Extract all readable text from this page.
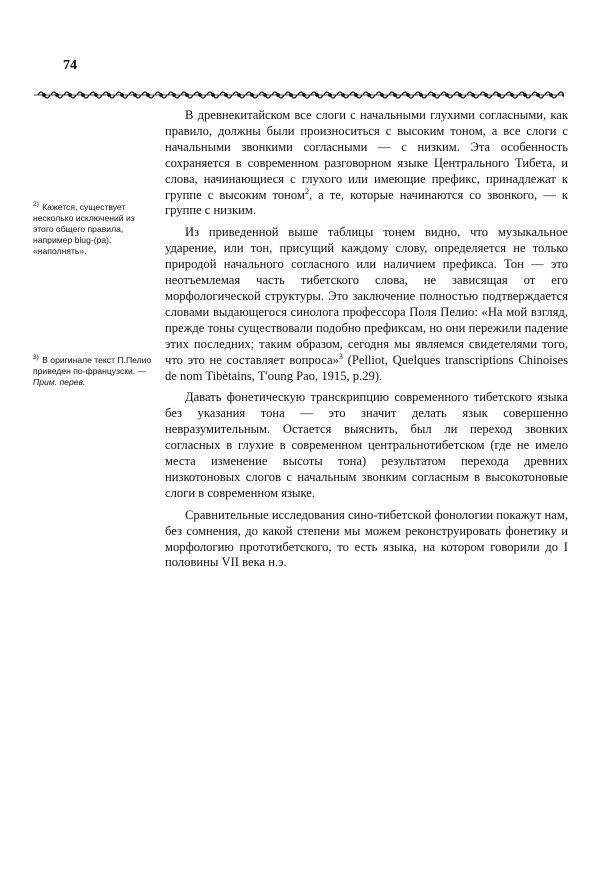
74

В древнекитайском все слоги с начальными глухими согласными, как правило, должны были произноситься с высоким тоном, а все слоги с начальными звонкими согласными — с низким. Эта особенность сохраняется в современном разговорном языке Центрального Тибета, и слова, начинающиеся с глухого или имеющие префикс, принадлежат к группе с высоким тоном$^2$, а те, которые начинаются со звонкого, — к группе с низким.

Из приведенной выше таблицы тонем видно, что музыкальное ударение, или тон, присущий каждому слову, определяется не только природой начального согласного или наличием префикса. Тон — это неотъемлемая часть тибетского слова, не зависящая от его морфологической структуры. Это заключение полностью подтверждается словами выдающегося синолога профессора Поля Пелио: «На мой взгляд, прежде тоны существовали подобно префиксам, но они пережили падение этих последних; таким образом, сегодня мы являемся свидетелями того, что это не составляет вопроса»$^3$ (Pelliot, Quelques transcriptions Chinoises de nom Tibètains, T'oung Pao, 1915, p.29).

Давать фонетическую транскрипцию современного тибетского языка без указания тона — это значит делать язык совершенно невразумительным. Остается выяснить, был ли переход звонких согласных в глухие в современном центральнотибетском (где не имело места изменение высоты тона) результатом перехода древних низкотоновых слогов с начальным звонким согласным в высокотоновые слоги в современном языке.

Сравнительные исследования сино-тибетской фонологии покажут нам, без сомнения, до какой степени мы можем реконструировать фонетику и морфологию прототибетского, то есть языка, на котором говорили до I половины VII века н.э.

$^{2)}$ Кажется, существует несколько исключений из этого общего правила, например blug-(pa), «наполнять».
$^{3)}$ В оригинале текст П.Пелио приведен по-французски. — Прим. перев.
